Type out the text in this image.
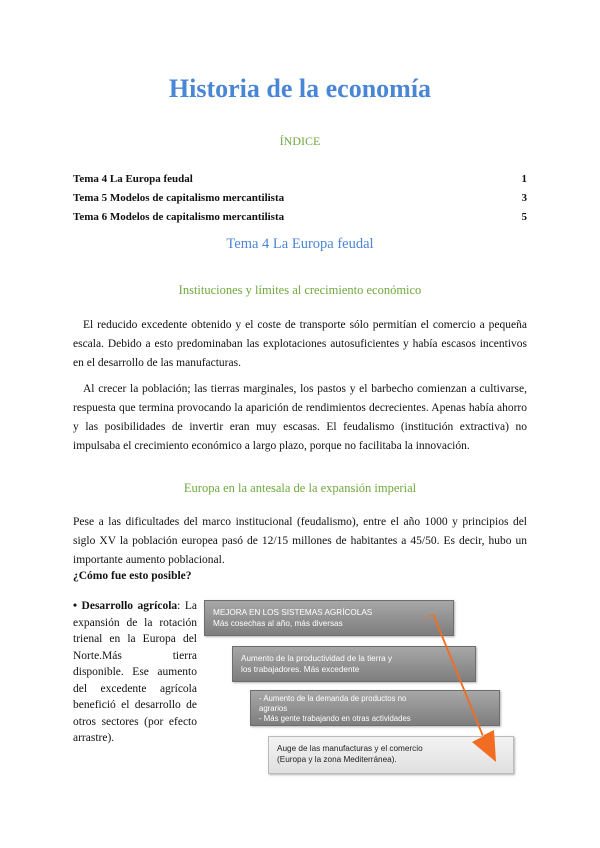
Historia de la economía
ÍNDICE
Tema 4 La Europa feudal	1
Tema 5 Modelos de capitalismo mercantilista	3
Tema 6 Modelos de capitalismo mercantilista	5
Tema 4 La Europa feudal
Instituciones y límites al crecimiento económico
El reducido excedente obtenido y el coste de transporte sólo permitían el comercio a pequeña escala. Debido a esto predominaban las explotaciones autosuficientes y había escasos incentivos en el desarrollo de las manufacturas.
Al crecer la población; las tierras marginales, los pastos y el barbecho comienzan a cultivarse, respuesta que termina provocando la aparición de rendimientos decrecientes. Apenas había ahorro y las posibilidades de invertir eran muy escasas. El feudalismo (institución extractiva) no impulsaba el crecimiento económico a largo plazo, porque no facilitaba la innovación.
Europa en la antesala de la expansión imperial
Pese a las dificultades del marco institucional (feudalismo), entre el año 1000 y principios del siglo XV la población europea pasó de 12/15 millones de habitantes a 45/50. Es decir, hubo un importante aumento poblacional.
¿Cómo fue esto posible?
• Desarrollo agrícola: La expansión de la rotación trienal en la Europa del Norte.Más tierra disponible. Ese aumento del excedente agrícola benefició el desarrollo de otros sectores (por efecto arrastre).
MEJORA EN LOS SISTEMAS AGRÍCOLAS
Más cosechas al año, más diversas
Aumento de la productividad de la tierra y
los trabajadores. Más excedente
- Aumento de la demanda de productos no
agrarios
- Más gente trabajando en otras actividades
Auge de las manufacturas y el comercio
(Europa y la zona Mediterránea).
